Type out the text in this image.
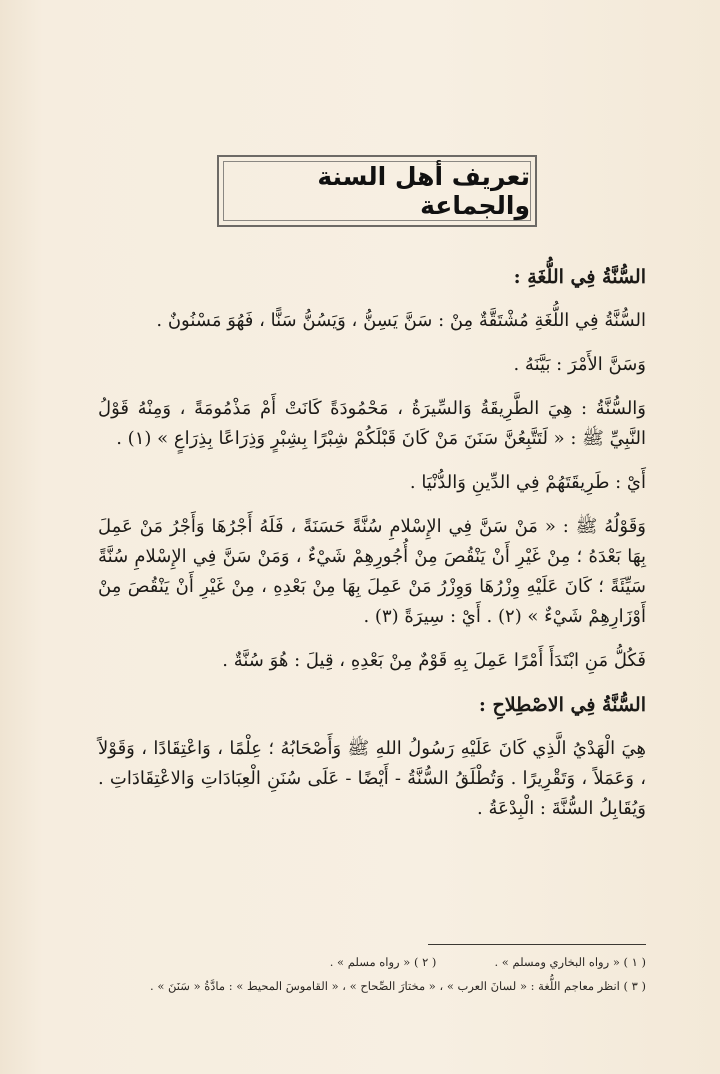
تعريف أهل السنة والجماعة

السُّنَّةُ فِي اللُّغَةِ :

السُّنَّةُ فِي اللُّغَةِ مُشْتَقَّةٌ مِنْ : سَنَّ يَسِنُّ ، وَيَسُنُّ سَنًّا ، فَهُوَ مَسْنُونٌ .

وَسَنَّ الأَمْرَ : بَيَّنَهُ .

وَالسُّنَّةُ : هِيَ الطَّرِيقَةُ وَالسِّيرَةُ ، مَحْمُودَةً كَانَتْ أَمْ مَذْمُومَةً ، وَمِنْهُ قَوْلُ النَّبِيِّ ﷺ : « لَتَتَّبِعُنَّ سَنَنَ مَنْ كَانَ قَبْلَكُمْ شِبْرًا بِشِبْرٍ وَذِرَاعًا بِذِرَاعٍ » (١) .

أَيْ : طَرِيقَتَهُمْ فِي الدِّينِ وَالدُّنْيَا .

وَقَوْلُهُ ﷺ : « مَنْ سَنَّ فِي الإِسْلامِ سُنَّةً حَسَنَةً ، فَلَهُ أَجْرُهَا وَأَجْرُ مَنْ عَمِلَ بِهَا بَعْدَهُ ؛ مِنْ غَيْرِ أَنْ يَنْقُصَ مِنْ أُجُورِهِمْ شَيْءٌ ، وَمَنْ سَنَّ فِي الإِسْلامِ سُنَّةً سَيِّئَةً ؛ كَانَ عَلَيْهِ وِزْرُهَا وَوِزْرُ مَنْ عَمِلَ بِهَا مِنْ بَعْدِهِ ، مِنْ غَيْرِ أَنْ يَنْقُصَ مِنْ أَوْزَارِهِمْ شَيْءٌ » (٢) . أَيْ : سِيرَةً (٣) .

فَكُلُّ مَنِ ابْتَدَأَ أَمْرًا عَمِلَ بِهِ قَوْمٌ مِنْ بَعْدِهِ ، قِيلَ : هُوَ سُنَّةٌ .

السُّنَّةُ فِي الاصْطِلاحِ :

هِيَ الْهَدْيُ الَّذِي كَانَ عَلَيْهِ رَسُولُ اللهِ ﷺ وَأَصْحَابُهُ ؛ عِلْمًا ، وَاعْتِقَادًا ، وَقَوْلاً ، وَعَمَلاً ، وَتَقْرِيرًا . وَتُطْلَقُ السُّنَّةُ - أَيْضًا - عَلَى سُنَنِ الْعِبَادَاتِ وَالاعْتِقَادَاتِ . وَيُقَابِلُ السُّنَّةَ : الْبِدْعَةُ .

( ١ ) « رواه البخاري ومسلم » .
( ٢ ) « رواه مسلم » .
( ٣ ) انظر معاجم اللُّغة : « لسانَ العرب » ، « مختارَ الصِّحاح » ، « القاموسَ المحيط » : مادَّةُ « سَنَنَ » .
